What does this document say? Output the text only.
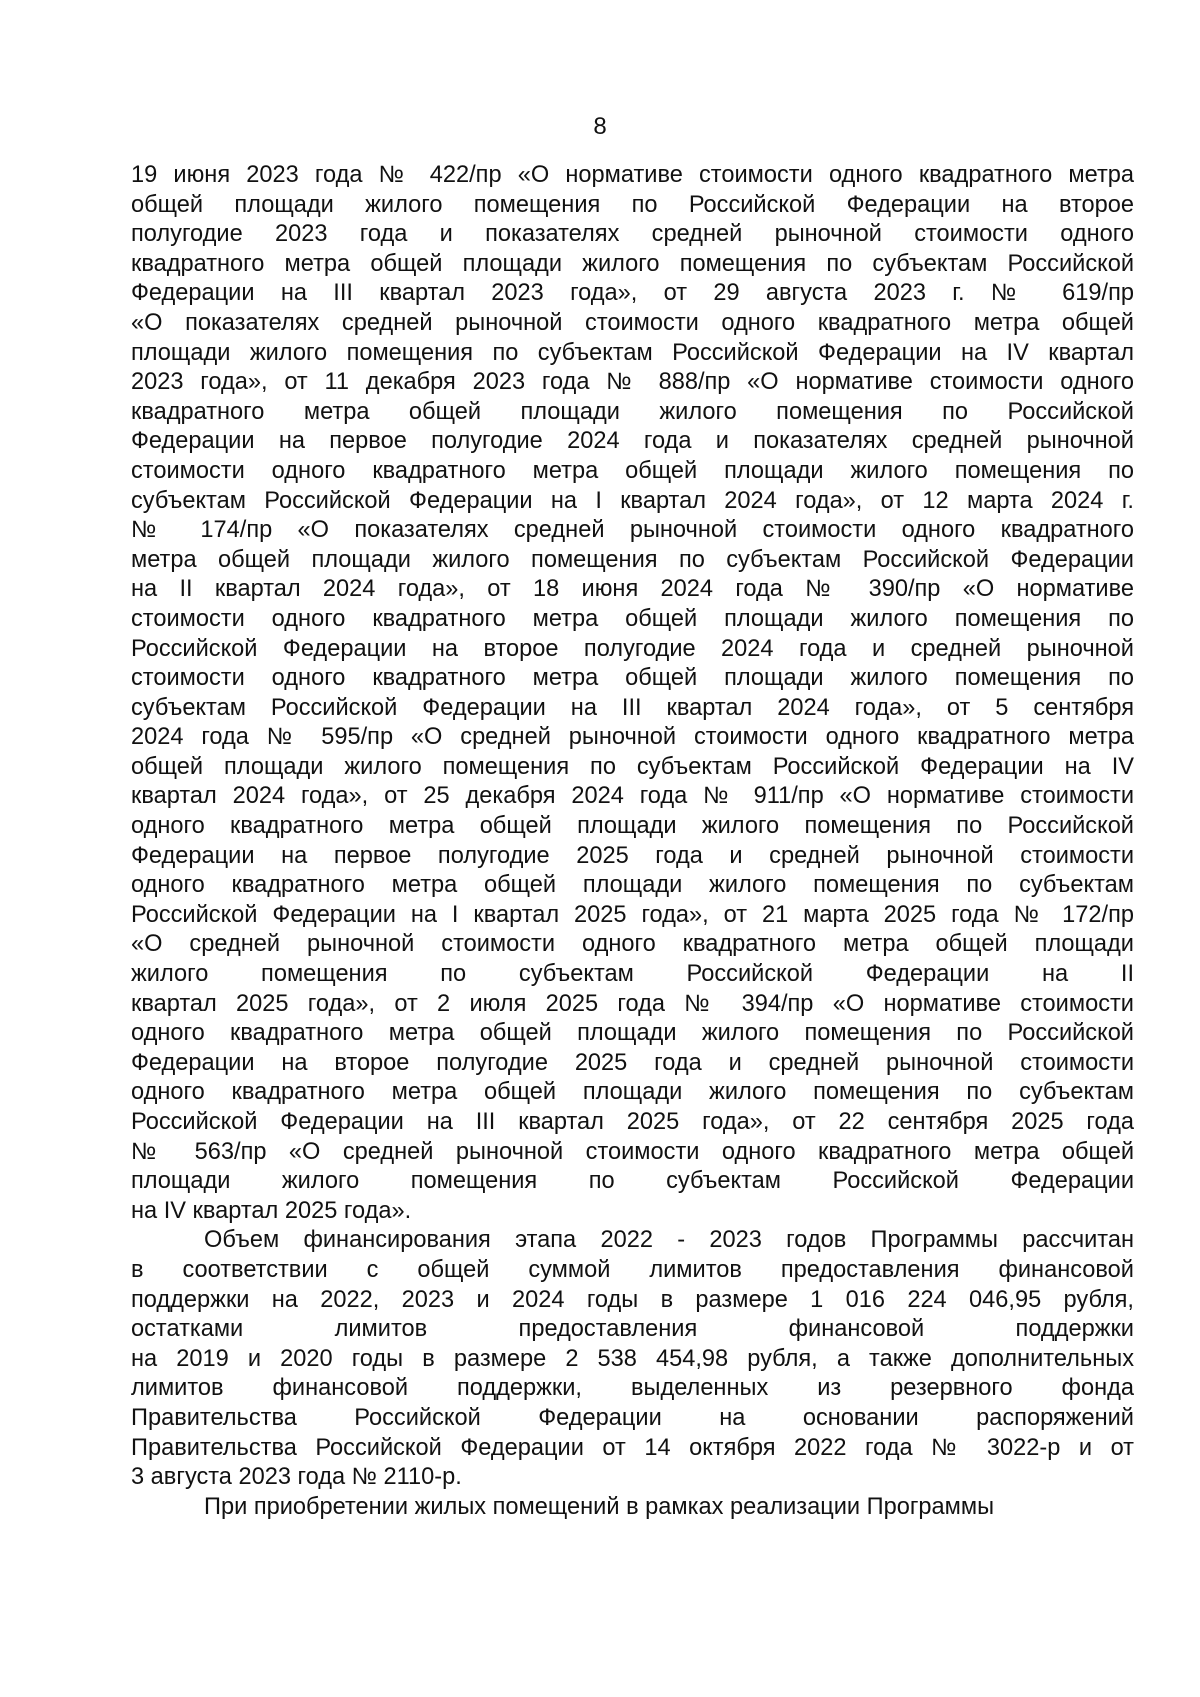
8
19 июня 2023 года № 422/пр «О нормативе стоимости одного квадратного метра
общей площади жилого помещения по Российской Федерации на второе
полугодие 2023 года и показателях средней рыночной стоимости одного
квадратного метра общей площади жилого помещения по субъектам Российской
Федерации на III квартал 2023 года», от 29 августа 2023 г. № 619/пр
«О показателях средней рыночной стоимости одного квадратного метра общей
площади жилого помещения по субъектам Российской Федерации на IV квартал
2023 года», от 11 декабря 2023 года № 888/пр «О нормативе стоимости одного
квадратного метра общей площади жилого помещения по Российской
Федерации на первое полугодие 2024 года и показателях средней рыночной
стоимости одного квадратного метра общей площади жилого помещения по
субъектам Российской Федерации на I квартал 2024 года», от 12 марта 2024 г.
№ 174/пр «О показателях средней рыночной стоимости одного квадратного
метра общей площади жилого помещения по субъектам Российской Федерации
на II квартал 2024 года», от 18 июня 2024 года № 390/пр «О нормативе
стоимости одного квадратного метра общей площади жилого помещения по
Российской Федерации на второе полугодие 2024 года и средней рыночной
стоимости одного квадратного метра общей площади жилого помещения по
субъектам Российской Федерации на III квартал 2024 года», от 5 сентября
2024 года № 595/пр «О средней рыночной стоимости одного квадратного метра
общей площади жилого помещения по субъектам Российской Федерации на IV
квартал 2024 года», от 25 декабря 2024 года № 911/пр «О нормативе стоимости
одного квадратного метра общей площади жилого помещения по Российской
Федерации на первое полугодие 2025 года и средней рыночной стоимости
одного квадратного метра общей площади жилого помещения по субъектам
Российской Федерации на I квартал 2025 года», от 21 марта 2025 года № 172/пр
«О средней рыночной стоимости одного квадратного метра общей площади
жилого помещения по субъектам Российской Федерации на II
квартал 2025 года», от 2 июля 2025 года № 394/пр «О нормативе стоимости
одного квадратного метра общей площади жилого помещения по Российской
Федерации на второе полугодие 2025 года и средней рыночной стоимости
одного квадратного метра общей площади жилого помещения по субъектам
Российской Федерации на III квартал 2025 года», от 22 сентября 2025 года
№ 563/пр «О средней рыночной стоимости одного квадратного метра общей
площади жилого помещения по субъектам Российской Федерации
на IV квартал 2025 года».
Объем финансирования этапа 2022 - 2023 годов Программы рассчитан
в соответствии с общей суммой лимитов предоставления финансовой
поддержки на 2022, 2023 и 2024 годы в размере 1 016 224 046,95 рубля,
остатками лимитов предоставления финансовой поддержки
на 2019 и 2020 годы в размере 2 538 454,98 рубля, а также дополнительных
лимитов финансовой поддержки, выделенных из резервного фонда
Правительства Российской Федерации на основании распоряжений
Правительства Российской Федерации от 14 октября 2022 года № 3022-р и от
3 августа 2023 года № 2110-р.
При приобретении жилых помещений в рамках реализации Программы
